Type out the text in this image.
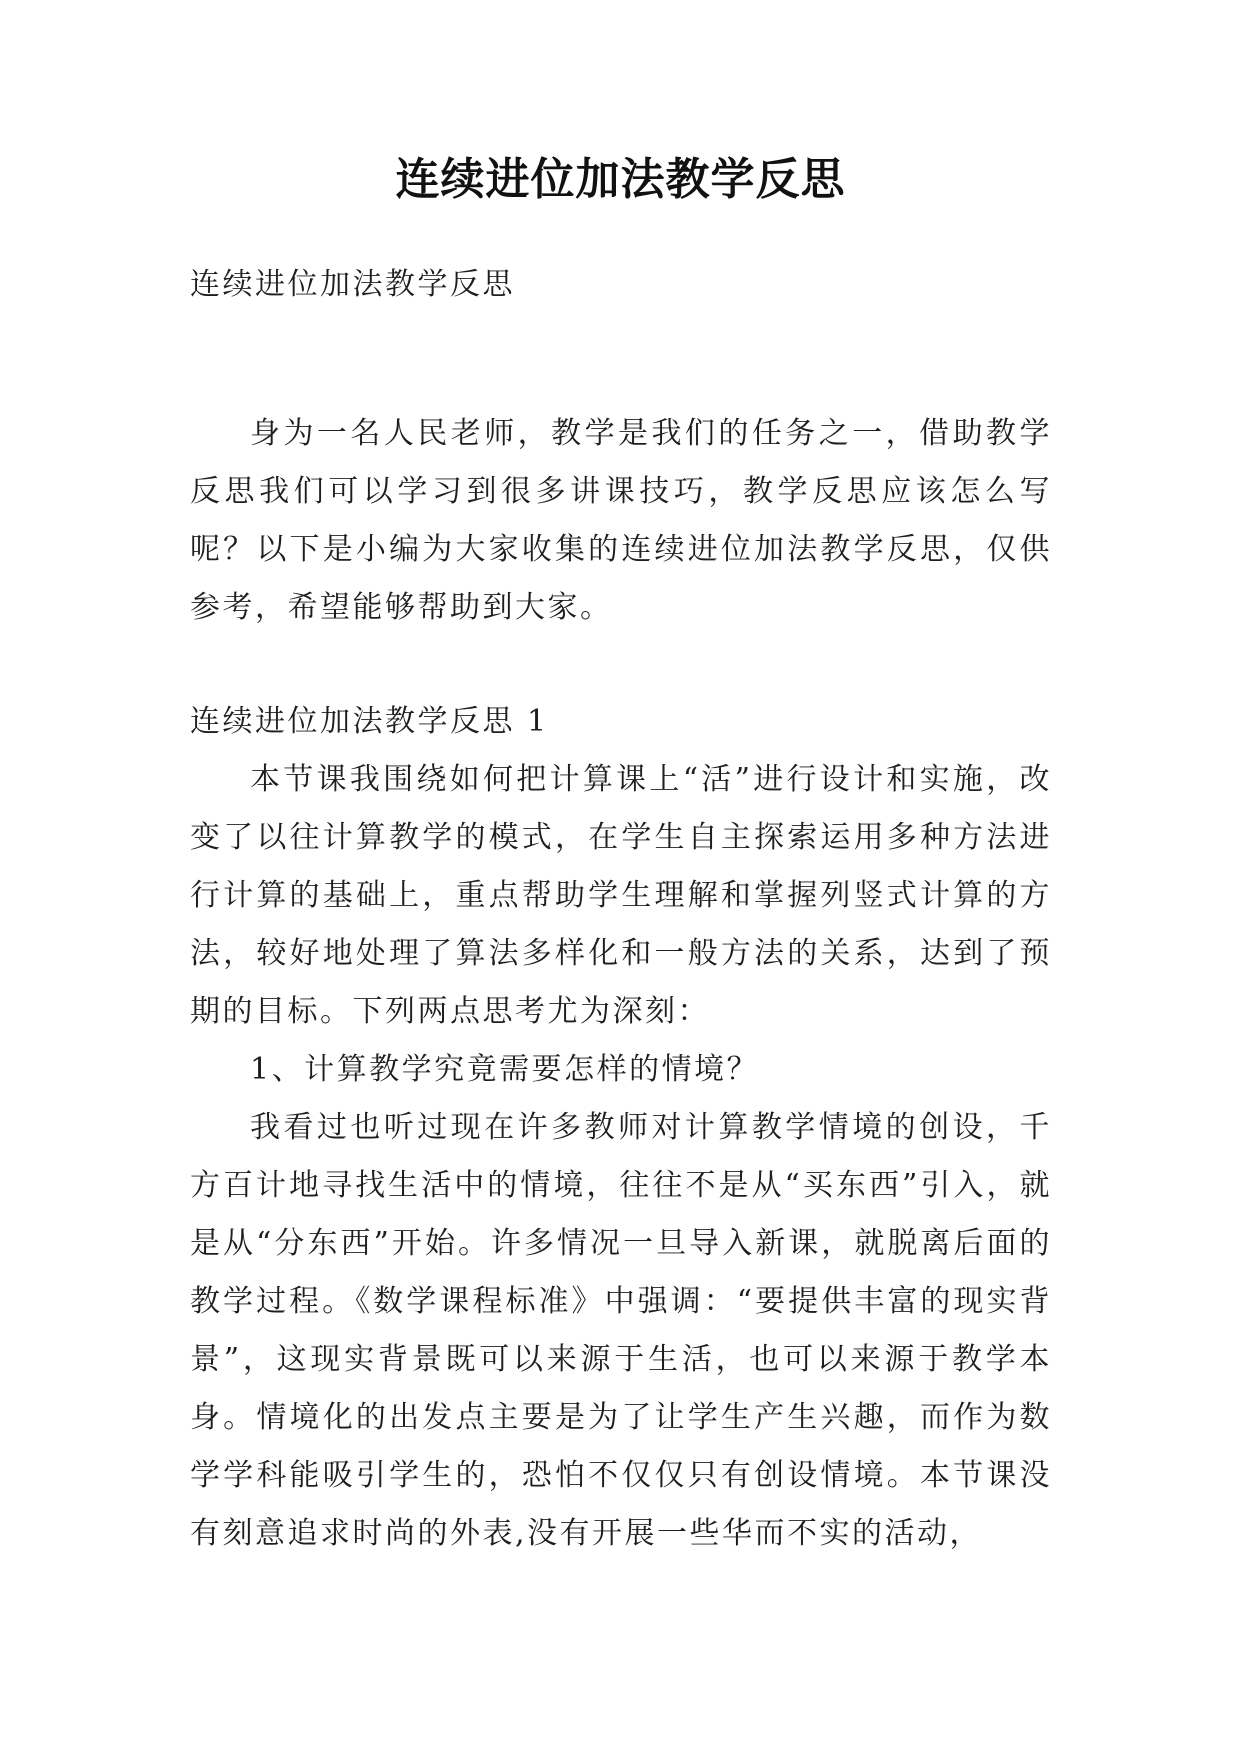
连续进位加法教学反思
连续进位加法教学反思

身为一名人民老师，教学是我们的任务之一，借助教学反思我们可以学习到很多讲课技巧，教学反思应该怎么写呢？以下是小编为大家收集的连续进位加法教学反思，仅供参考，希望能够帮助到大家。

连续进位加法教学反思 1

本节课我围绕如何把计算课上“活”进行设计和实施，改变了以往计算教学的模式，在学生自主探索运用多种方法进行计算的基础上，重点帮助学生理解和掌握列竖式计算的方法，较好地处理了算法多样化和一般方法的关系，达到了预期的目标。下列两点思考尤为深刻：

1、计算教学究竟需要怎样的情境？

我看过也听过现在许多教师对计算教学情境的创设，千方百计地寻找生活中的情境，往往不是从“买东西”引入，就是从“分东西”开始。许多情况一旦导入新课，就脱离后面的教学过程。《数学课程标准》中强调：“要提供丰富的现实背景”，这现实背景既可以来源于生活，也可以来源于教学本身。情境化的出发点主要是为了让学生产生兴趣，而作为数学学科能吸引学生的，恐怕不仅仅只有创设情境。本节课没有刻意追求时尚的外表,没有开展一些华而不实的活动，
